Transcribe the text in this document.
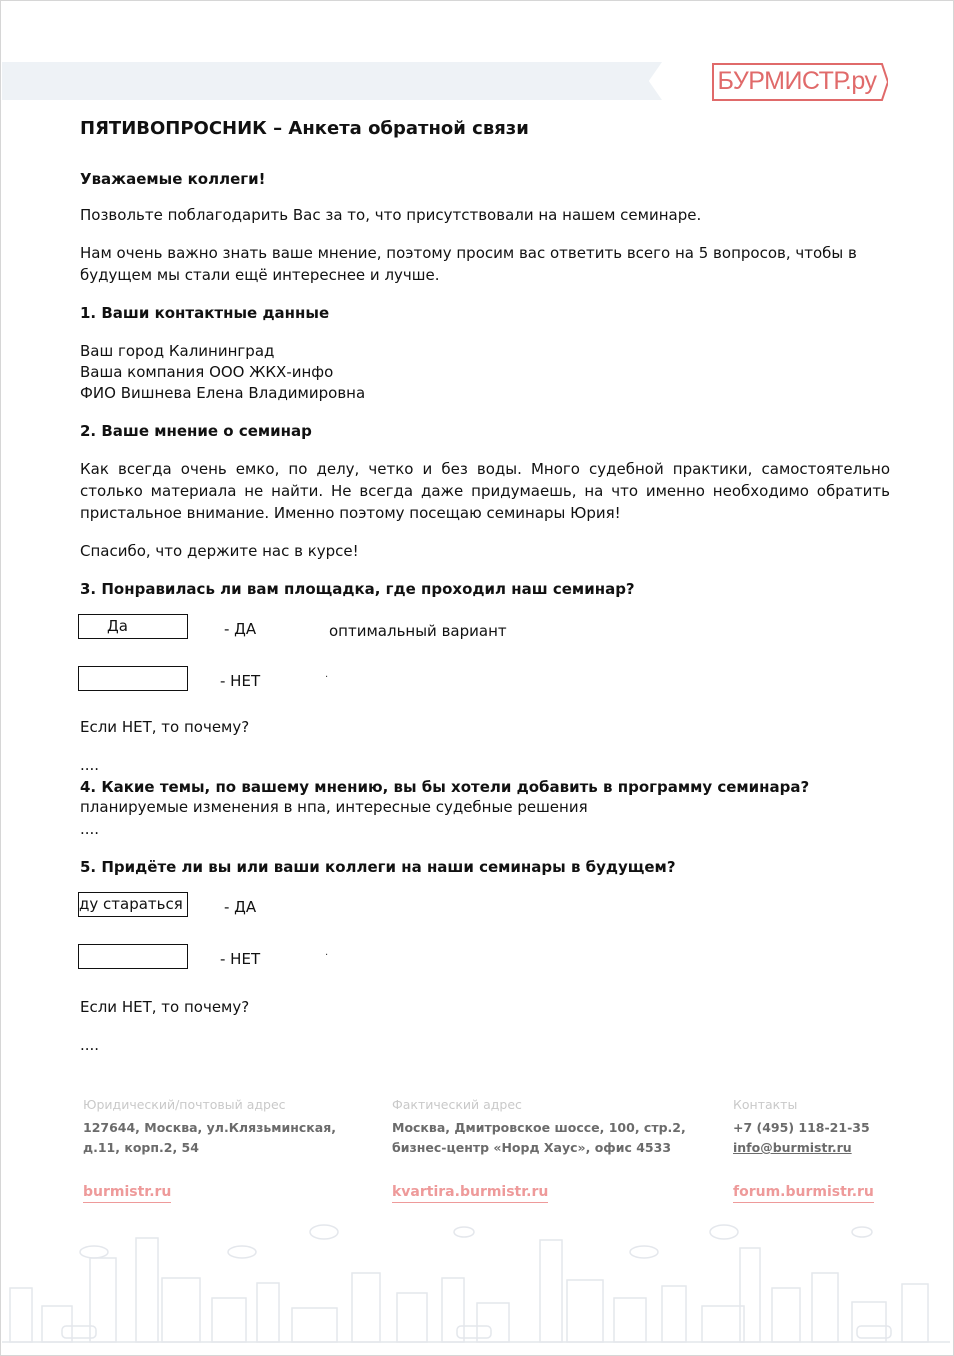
БУРМИСТР.ру
ПЯТИВОПРОСНИК – Анкета обратной связи
Уважаемые коллеги!
Позвольте поблагодарить Вас за то, что присутствовали на нашем семинаре.
Нам очень важно знать ваше мнение, поэтому просим вас ответить всего на 5 вопросов, чтобы в будущем мы стали ещё интереснее и лучше.
1. Ваши контактные данные
Ваш город Калининград
Ваша компания ООО ЖКХ-инфо
ФИО Вишнева Елена Владимировна
2. Ваше мнение о семинар
Как всегда очень емко, по делу, четко и без воды. Много судебной практики, самостоятельно столько материала не найти. Не всегда даже придумаешь, на что именно необходимо обратить пристальное внимание. Именно поэтому посещаю семинары Юрия!
Спасибо, что держите нас в курсе!
3. Понравилась ли вам площадка, где проходил наш семинар?
Да	- ДА	оптимальный вариант
- НЕТ	.
Если НЕТ, то почему?
....
4. Какие темы, по вашему мнению, вы бы хотели добавить в программу семинара?
планируемые изменения в нпа, интересные судебные решения
....
5. Придёте ли вы или ваши коллеги на наши семинары в будущем?
ду стараться	- ДА
- НЕТ	.
Если НЕТ, то почему?
....
Юридический/почтовый адрес
127644, Москва, ул.Клязьминская,
д.11, корп.2, 54
burmistr.ru
Фактический адрес
Москва, Дмитровское шоссе, 100, стр.2,
бизнес-центр «Норд Хаус», офис 4533
kvartira.burmistr.ru
Контакты
+7 (495) 118-21-35
info@burmistr.ru
forum.burmistr.ru
